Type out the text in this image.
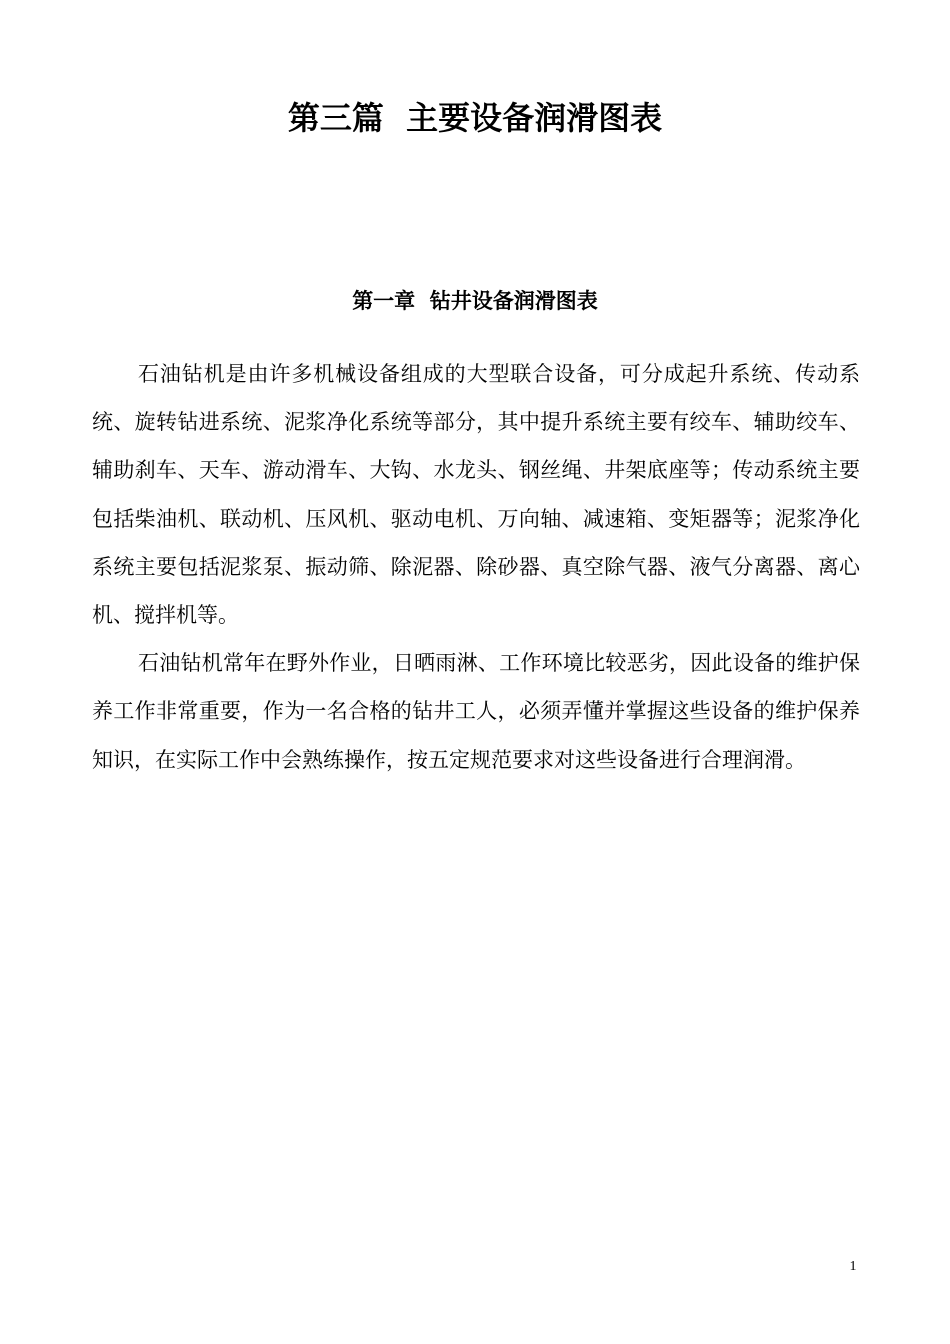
第三篇  主要设备润滑图表
第一章  钻井设备润滑图表

石油钻机是由许多机械设备组成的大型联合设备，可分成起升系统、传动系统、旋转钻进系统、泥浆净化系统等部分，其中提升系统主要有绞车、辅助绞车、辅助刹车、天车、游动滑车、大钩、水龙头、钢丝绳、井架底座等；传动系统主要包括柴油机、联动机、压风机、驱动电机、万向轴、减速箱、变矩器等；泥浆净化系统主要包括泥浆泵、振动筛、除泥器、除砂器、真空除气器、液气分离器、离心机、搅拌机等。

石油钻机常年在野外作业，日晒雨淋、工作环境比较恶劣，因此设备的维护保养工作非常重要，作为一名合格的钻井工人，必须弄懂并掌握这些设备的维护保养知识，在实际工作中会熟练操作，按五定规范要求对这些设备进行合理润滑。

1
